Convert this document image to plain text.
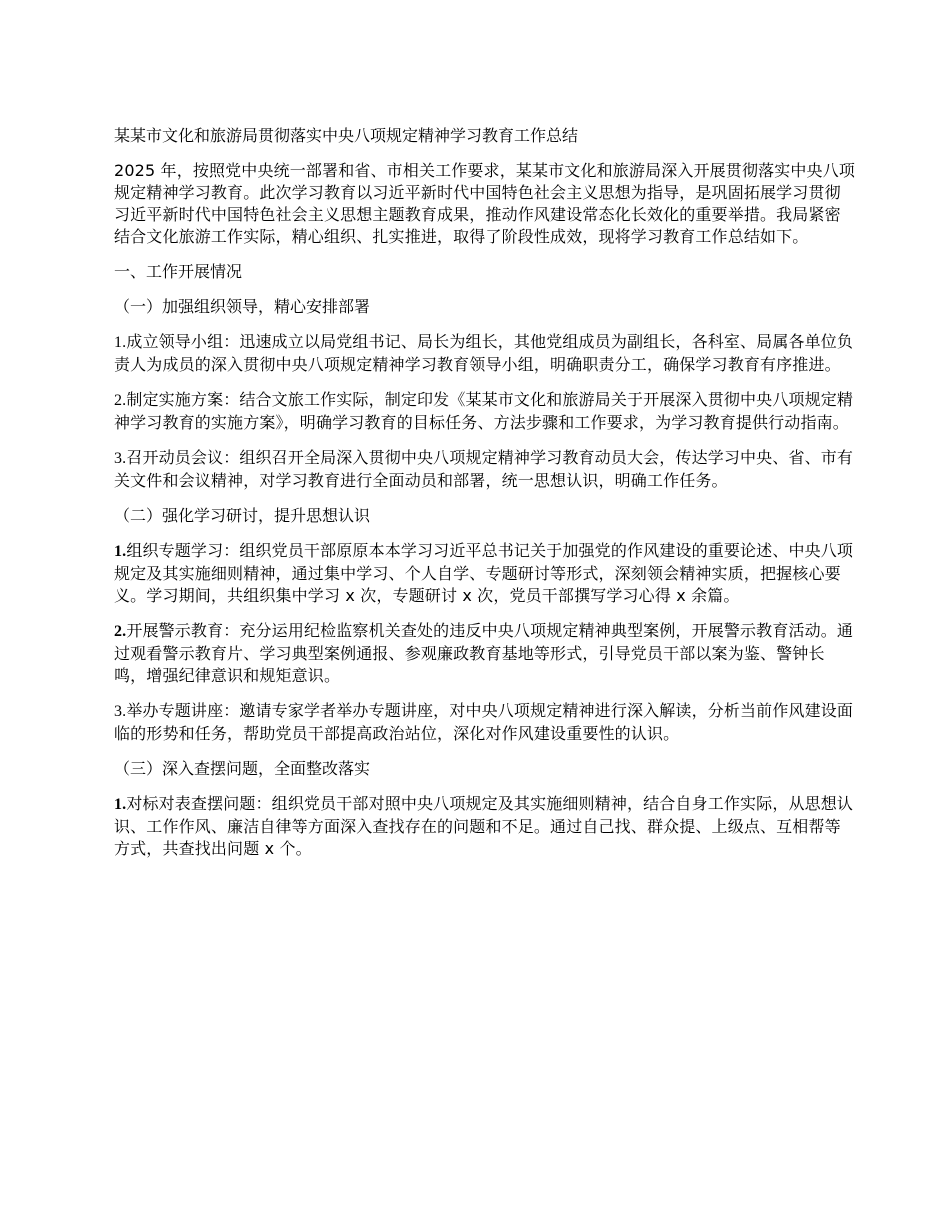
某某市文化和旅游局贯彻落实中央八项规定精神学习教育工作总结

2025 年，按照党中央统一部署和省、市相关工作要求，某某市文化和旅游局深入开展贯彻落实中央八项规定精神学习教育。此次学习教育以习近平新时代中国特色社会主义思想为指导，是巩固拓展学习贯彻习近平新时代中国特色社会主义思想主题教育成果，推动作风建设常态化长效化的重要举措。我局紧密结合文化旅游工作实际，精心组织、扎实推进，取得了阶段性成效，现将学习教育工作总结如下。

一、工作开展情况

（一）加强组织领导，精心安排部署

1.成立领导小组：迅速成立以局党组书记、局长为组长，其他党组成员为副组长，各科室、局属各单位负责人为成员的深入贯彻中央八项规定精神学习教育领导小组，明确职责分工，确保学习教育有序推进。

2.制定实施方案：结合文旅工作实际，制定印发《某某市文化和旅游局关于开展深入贯彻中央八项规定精神学习教育的实施方案》，明确学习教育的目标任务、方法步骤和工作要求，为学习教育提供行动指南。

3.召开动员会议：组织召开全局深入贯彻中央八项规定精神学习教育动员大会，传达学习中央、省、市有关文件和会议精神，对学习教育进行全面动员和部署，统一思想认识，明确工作任务。

（二）强化学习研讨，提升思想认识

1.组织专题学习：组织党员干部原原本本学习习近平总书记关于加强党的作风建设的重要论述、中央八项规定及其实施细则精神，通过集中学习、个人自学、专题研讨等形式，深刻领会精神实质，把握核心要义。学习期间，共组织集中学习 x 次，专题研讨 x 次，党员干部撰写学习心得 x 余篇。

2.开展警示教育：充分运用纪检监察机关查处的违反中央八项规定精神典型案例，开展警示教育活动。通过观看警示教育片、学习典型案例通报、参观廉政教育基地等形式，引导党员干部以案为鉴、警钟长鸣，增强纪律意识和规矩意识。

3.举办专题讲座：邀请专家学者举办专题讲座，对中央八项规定精神进行深入解读，分析当前作风建设面临的形势和任务，帮助党员干部提高政治站位，深化对作风建设重要性的认识。

（三）深入查摆问题，全面整改落实

1.对标对表查摆问题：组织党员干部对照中央八项规定及其实施细则精神，结合自身工作实际，从思想认识、工作作风、廉洁自律等方面深入查找存在的问题和不足。通过自己找、群众提、上级点、互相帮等方式，共查找出问题 x 个。
